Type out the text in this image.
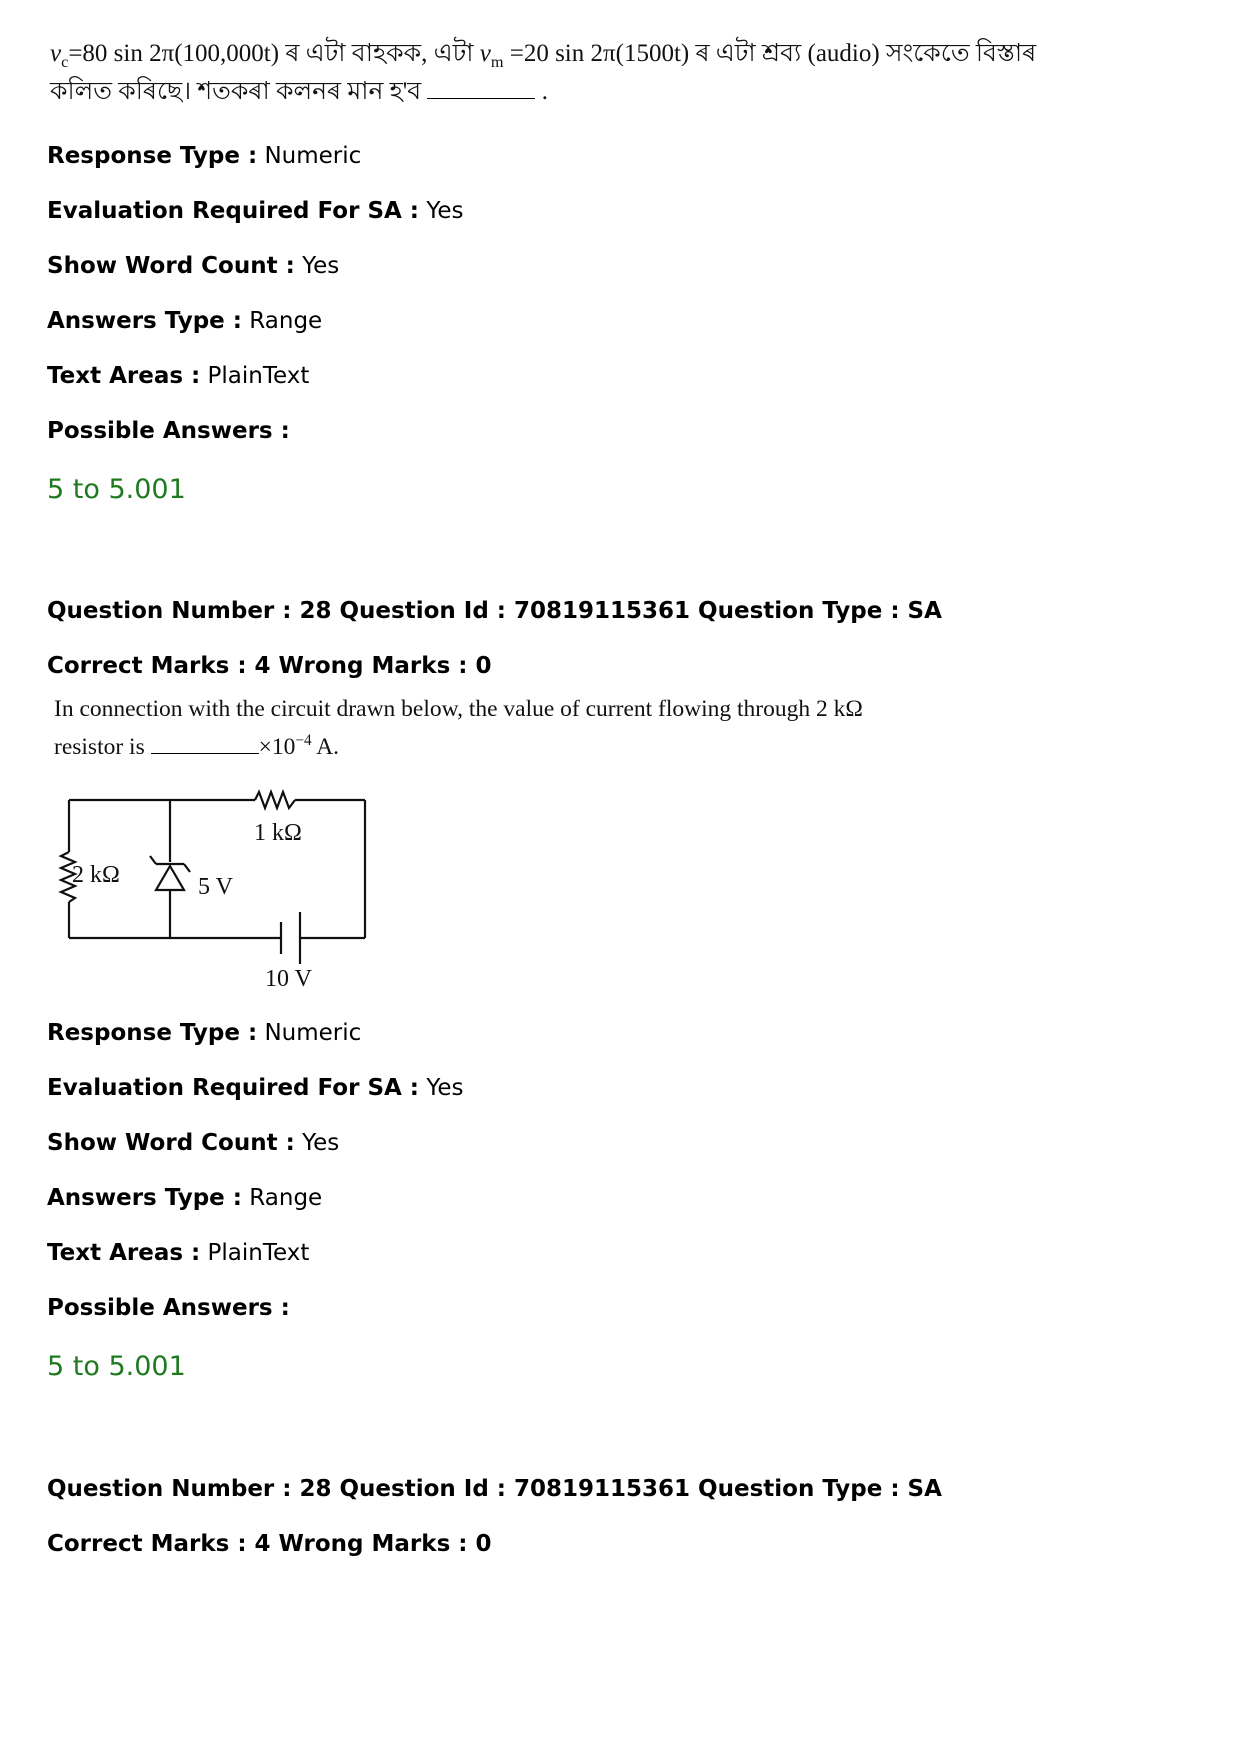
$v_c=80$ sin 2π(100,000t) ৰ এটা বাহকক, এটা $v_m =20$ sin 2π(1500t) ৰ এটা শ্ৰব্য (audio) সংকেতে বিস্তাৰ
কলিত কৰিছে। শতকৰা কলনৰ মান হ'ব	.
Response Type : Numeric
Evaluation Required For SA : Yes
Show Word Count : Yes
Answers Type : Range
Text Areas : PlainText
Possible Answers :
5 to 5.001
Question Number : 28 Question Id : 70819115361 Question Type : SA
Correct Marks : 4 Wrong Marks : 0
In connection with the circuit drawn below, the value of current flowing through 2 kΩ
resistor is	$\times 10^{-4}$ A.
2 kΩ
1 kΩ
5 V
10 V
Response Type : Numeric
Evaluation Required For SA : Yes
Show Word Count : Yes
Answers Type : Range
Text Areas : PlainText
Possible Answers :
5 to 5.001
Question Number : 28 Question Id : 70819115361 Question Type : SA
Correct Marks : 4 Wrong Marks : 0
